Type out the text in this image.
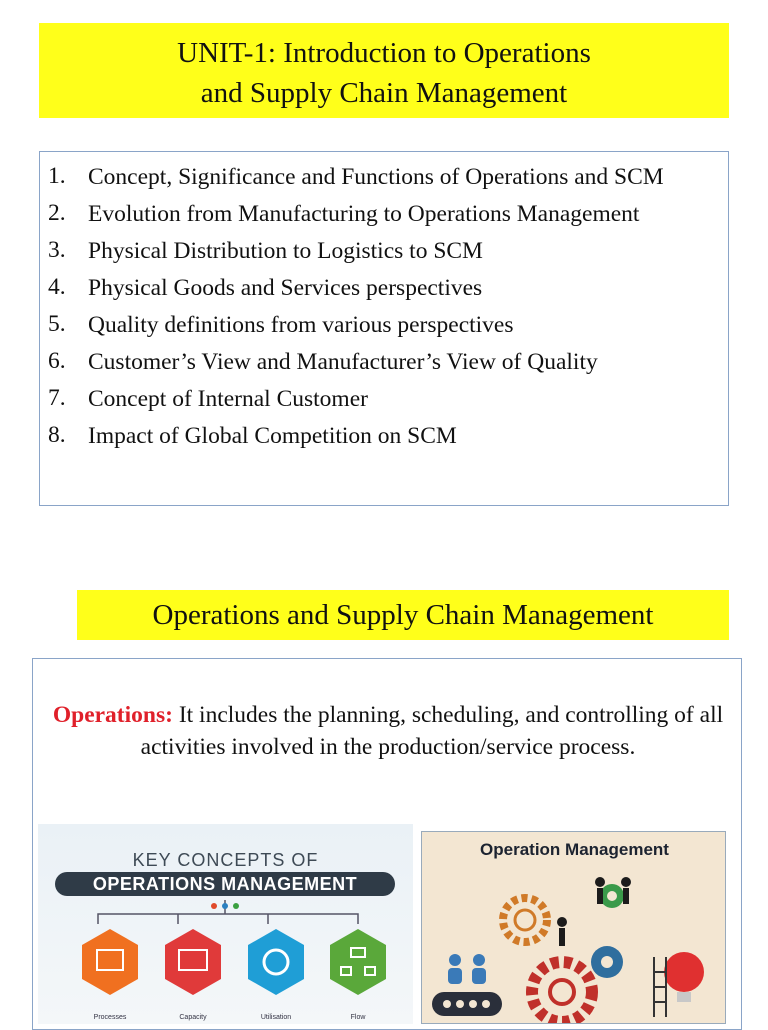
UNIT-1: Introduction to Operations
and Supply Chain Management
1. Concept, Significance and Functions of Operations and SCM
2. Evolution from Manufacturing to Operations Management
3. Physical Distribution to Logistics to SCM
4. Physical Goods and Services perspectives
5. Quality definitions from various perspectives
6. Customer’s View and Manufacturer’s View of Quality
7. Concept of Internal Customer
8. Impact of Global Competition on SCM
Operations and Supply Chain Management
Operations: It includes the planning, scheduling, and controlling of all activities involved in the production/service process.
KEY CONCEPTS OF
OPERATIONS MANAGEMENT
Processes	Capacity	Utilisation	Flow
Operation Management
